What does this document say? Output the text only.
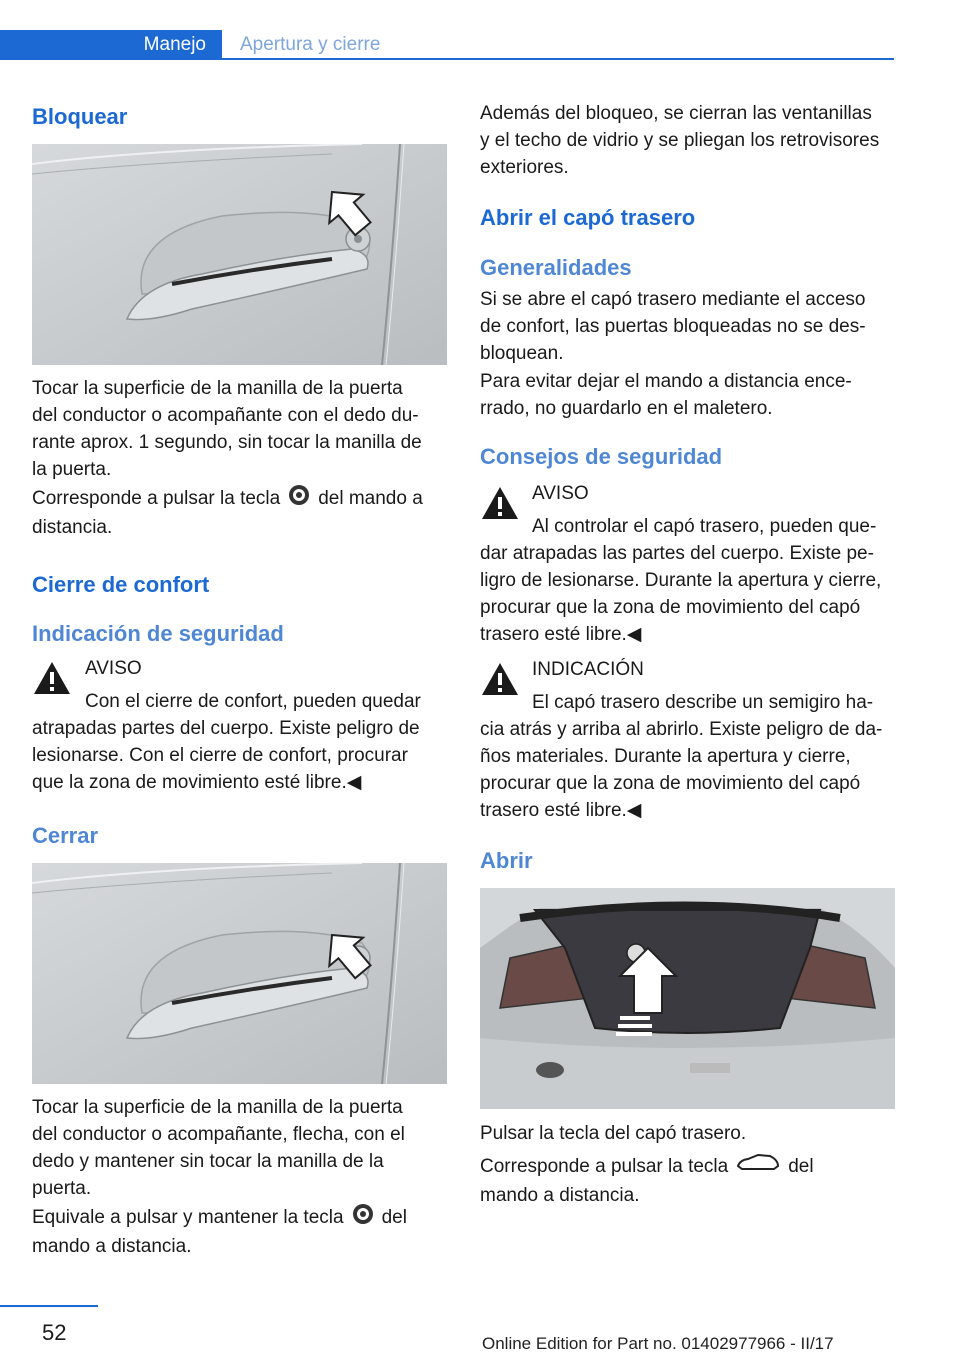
Manejo Apertura y cierre
Bloquear

Tocar la superficie de la manilla de la puerta
del conductor o acompañante con el dedo du-
rante aprox. 1 segundo, sin tocar la manilla de
la puerta.

Corresponde a pulsar la tecla del mando a
distancia.

Cierre de confort
Indicación de seguridad

AVISO

Con el cierre de confort, pueden quedar
atrapadas partes del cuerpo. Existe peligro de
lesionarse. Con el cierre de confort, procurar
que la zona de movimiento esté libre.◀

Cerrar

Tocar la superficie de la manilla de la puerta
del conductor o acompañante, flecha, con el
dedo y mantener sin tocar la manilla de la
puerta.

Equivale a pulsar y mantener la tecla del
mando a distancia.

Además del bloqueo, se cierran las ventanillas
y el techo de vidrio y se pliegan los retrovisores
exteriores.

Abrir el capó trasero
Generalidades

Si se abre el capó trasero mediante el acceso
de confort, las puertas bloqueadas no se des-
bloquean.

Para evitar dejar el mando a distancia ence-
rrado, no guardarlo en el maletero.

Consejos de seguridad

AVISO

Al controlar el capó trasero, pueden que-
dar atrapadas las partes del cuerpo. Existe pe-
ligro de lesionarse. Durante la apertura y cierre,
procurar que la zona de movimiento del capó
trasero esté libre.◀

INDICACIÓN

El capó trasero describe un semigiro ha-
cia atrás y arriba al abrirlo. Existe peligro de da-
ños materiales. Durante la apertura y cierre,
procurar que la zona de movimiento del capó
trasero esté libre.◀

Abrir

Pulsar la tecla del capó trasero.

Corresponde a pulsar la tecla	del
mando a distancia.

52	Online Edition for Part no. 01402977966 - II/17
